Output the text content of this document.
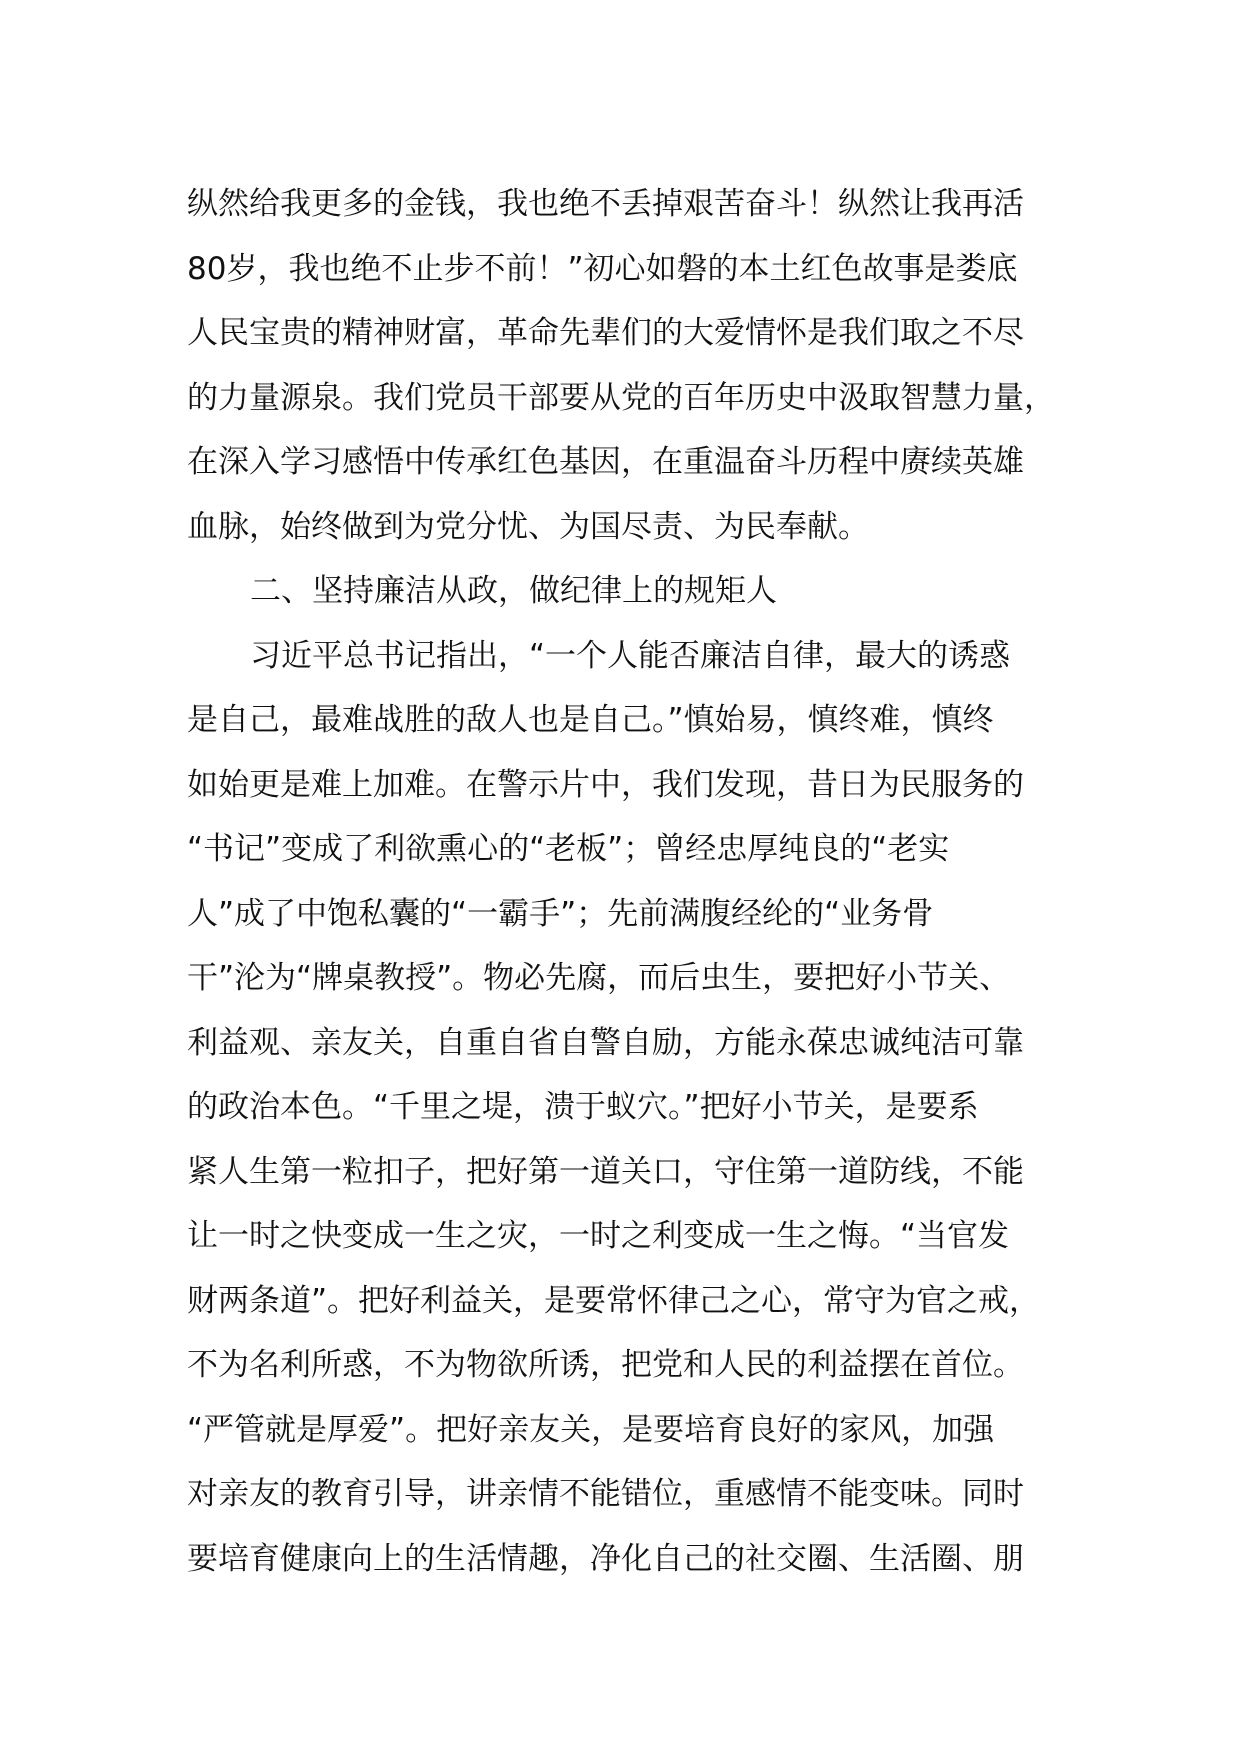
纵然给我更多的金钱，我也绝不丢掉艰苦奋斗！纵然让我再活
80岁，我也绝不止步不前！”初心如磐的本土红色故事是娄底
人民宝贵的精神财富，革命先辈们的大爱情怀是我们取之不尽
的力量源泉。我们党员干部要从党的百年历史中汲取智慧力量，
在深入学习感悟中传承红色基因，在重温奋斗历程中赓续英雄
血脉，始终做到为党分忧、为国尽责、为民奉献。
二、坚持廉洁从政，做纪律上的规矩人
习近平总书记指出，“一个人能否廉洁自律，最大的诱惑
是自己，最难战胜的敌人也是自己。”慎始易，慎终难，慎终
如始更是难上加难。在警示片中，我们发现，昔日为民服务的
“书记”变成了利欲熏心的“老板”；曾经忠厚纯良的“老实
人”成了中饱私囊的“一霸手”；先前满腹经纶的“业务骨
干”沦为“牌桌教授”。物必先腐，而后虫生，要把好小节关、
利益观、亲友关，自重自省自警自励，方能永葆忠诚纯洁可靠
的政治本色。“千里之堤，溃于蚁穴。”把好小节关，是要系
紧人生第一粒扣子，把好第一道关口，守住第一道防线，不能
让一时之快变成一生之灾，一时之利变成一生之悔。“当官发
财两条道”。把好利益关，是要常怀律己之心，常守为官之戒，
不为名利所惑，不为物欲所诱，把党和人民的利益摆在首位。
“严管就是厚爱”。把好亲友关，是要培育良好的家风，加强
对亲友的教育引导，讲亲情不能错位，重感情不能变味。同时
要培育健康向上的生活情趣，净化自己的社交圈、生活圈、朋
